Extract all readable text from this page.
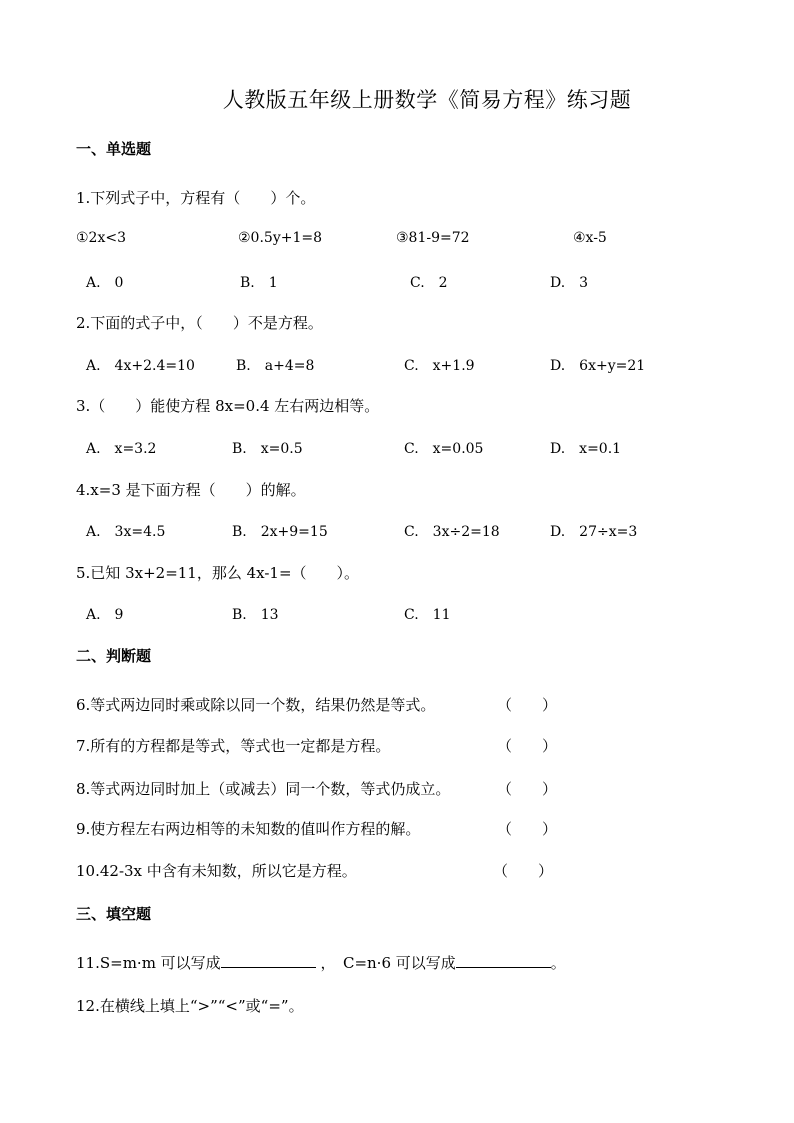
人教版五年级上册数学《简易方程》练习题
一、单选题
1.下列式子中，方程有（　　）个。
①2x<3	②0.5y+1=8	③81-9=72	④x-5
A.　0	B.　1	C.　2	D.　3
2.下面的式子中，（　　）不是方程。
A.　4x+2.4=10	B.　a+4=8	C.　x+1.9	D.　6x+y=21
3.（　　）能使方程 8x=0.4 左右两边相等。
A.　x=3.2	B.　x=0.5	C.　x=0.05	D.　x=0.1
4.x=3 是下面方程（　　）的解。
A.　3x=4.5	B.　2x+9=15	C.　3x÷2=18	D.　27÷x=3
5.已知 3x+2=11，那么 4x-1=（　　）。
A.　9	B.　13	C.　11
二、判断题
6.等式两边同时乘或除以同一个数，结果仍然是等式。	（　　）
7.所有的方程都是等式，等式也一定都是方程。	（　　）
8.等式两边同时加上（或减去）同一个数，等式仍成立。	（　　）
9.使方程左右两边相等的未知数的值叫作方程的解。	（　　）
10.42-3x 中含有未知数，所以它是方程。	（　　）
三、填空题
11.S=m·m 可以写成	，　C=n·6 可以写成	。
12.在横线上填上“>”“<”或“=”。
